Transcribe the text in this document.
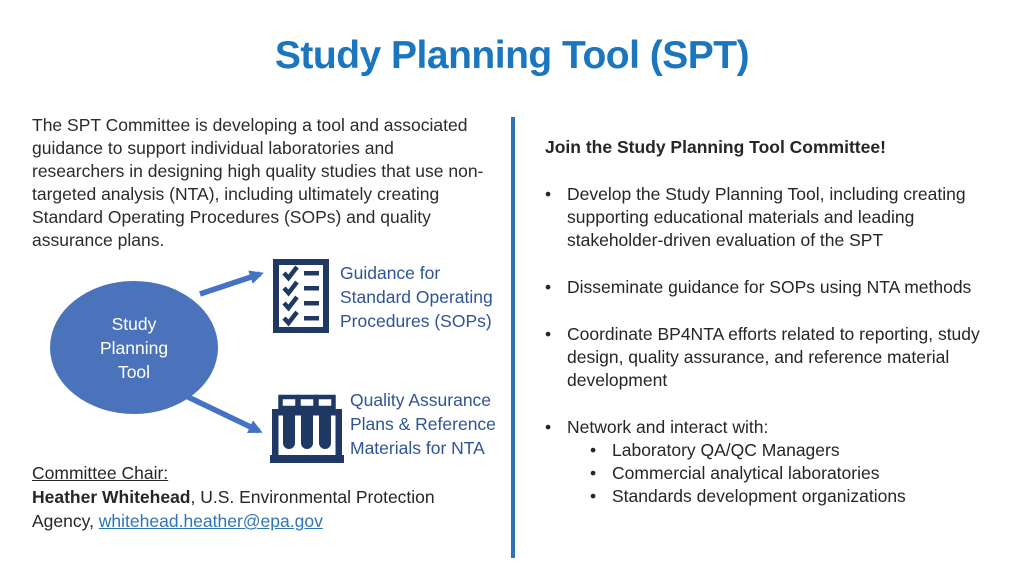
Study Planning Tool (SPT)
The SPT Committee is developing a tool and associated guidance to support individual laboratories and researchers in designing high quality studies that use non-targeted analysis (NTA), including ultimately creating Standard Operating Procedures (SOPs) and quality assurance plans.
Study Planning Tool
Guidance for Standard Operating Procedures (SOPs)
Quality Assurance Plans & Reference Materials for NTA
Committee Chair:
Heather Whitehead, U.S. Environmental Protection Agency, whitehead.heather@epa.gov
Join the Study Planning Tool Committee!
• Develop the Study Planning Tool, including creating supporting educational materials and leading stakeholder-driven evaluation of the SPT
• Disseminate guidance for SOPs using NTA methods
• Coordinate BP4NTA efforts related to reporting, study design, quality assurance, and reference material development
• Network and interact with:
• Laboratory QA/QC Managers
• Commercial analytical laboratories
• Standards development organizations
